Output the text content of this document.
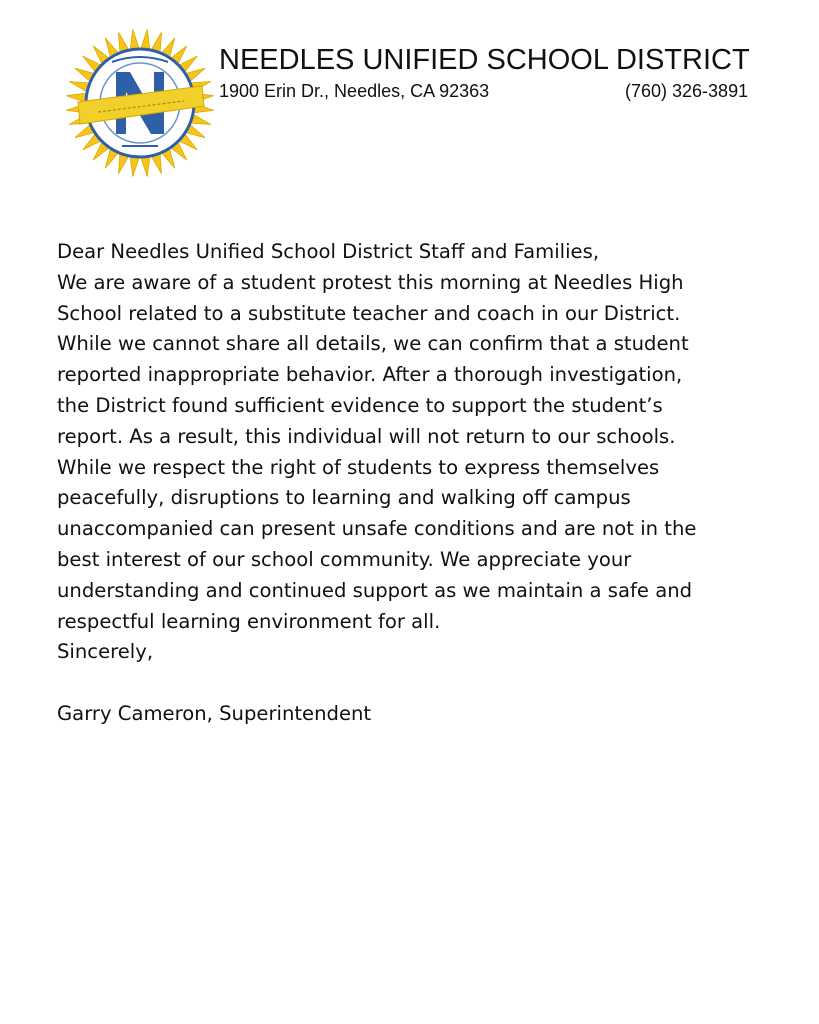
NEEDLES UNIFIED SCHOOL DISTRICT
1900 Erin Dr., Needles, CA 92363	(760) 326-3891
Dear Needles Unified School District Staff and Families,
We are aware of a student protest this morning at Needles High
School related to a substitute teacher and coach in our District.
While we cannot share all details, we can confirm that a student
reported inappropriate behavior. After a thorough investigation,
the District found sufficient evidence to support the student’s
report. As a result, this individual will not return to our schools.
While we respect the right of students to express themselves
peacefully, disruptions to learning and walking off campus
unaccompanied can present unsafe conditions and are not in the
best interest of our school community. We appreciate your
understanding and continued support as we maintain a safe and
respectful learning environment for all.
Sincerely,
Garry Cameron, Superintendent
